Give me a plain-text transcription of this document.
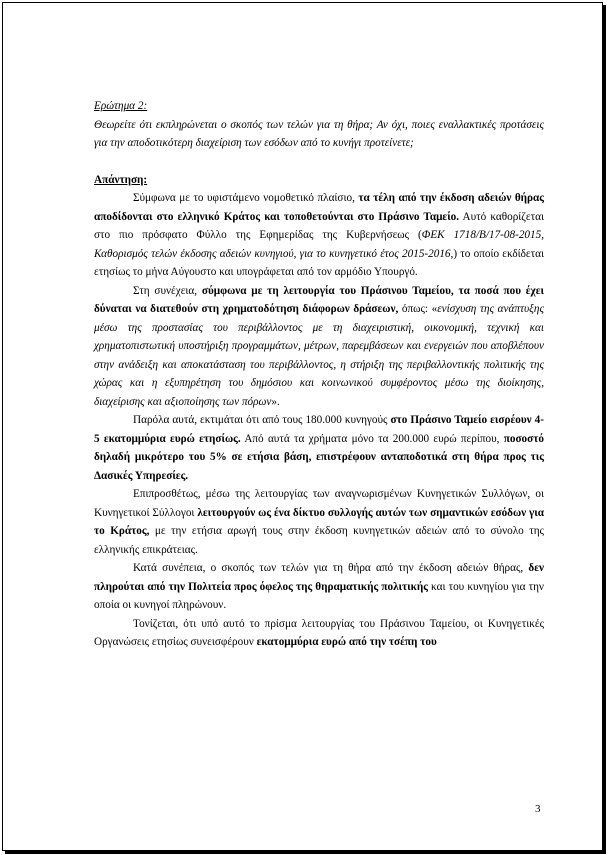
Ερώτημα 2:

Θεωρείτε ότι εκπληρώνεται ο σκοπός των τελών για τη θήρα; Αν όχι, ποιες εναλλακτικές προτάσεις για την αποδοτικότερη διαχείριση των εσόδων από το κυνήγι προτείνετε;

Απάντηση:

Σύμφωνα με το υφιστάμενο νομοθετικό πλαίσιο, τα τέλη από την έκδοση αδειών θήρας αποδίδονται στο ελληνικό Κράτος και τοποθετούνται στο Πράσινο Ταμείο. Αυτό καθορίζεται στο πιο πρόσφατο Φύλλο της Εφημερίδας της Κυβερνήσεως (ΦΕΚ 1718/Β/17-08-2015, Καθορισμός τελών έκδοσης αδειών κυνηγιού, για το κυνηγετικό έτος 2015-2016,) το οποίο εκδίδεται ετησίως το μήνα Αύγουστο και υπογράφεται από τον αρμόδιο Υπουργό.

Στη συνέχεια, σύμφωνα με τη λειτουργία του Πράσινου Ταμείου, τα ποσά που έχει δύναται να διατεθούν στη χρηματοδότηση διάφορων δράσεων, όπως: «ενίσχυση της ανάπτυξης μέσω της προστασίας του περιβάλλοντος με τη διαχειριστική, οικονομική, τεχνική και χρηματοπιστωτική υποστήριξη προγραμμάτων, μέτρων, παρεμβάσεων και ενεργειών που αποβλέπουν στην ανάδειξη και αποκατάσταση του περιβάλλοντος, η στήριξη της περιβαλλοντικής πολιτικής της χώρας και η εξυπηρέτηση του δημόσιου και κοινωνικού συμφέροντος μέσω της διοίκησης, διαχείρισης και αξιοποίησης των πόρων».

Παρόλα αυτά, εκτιμάται ότι από τους 180.000 κυνηγούς στο Πράσινο Ταμείο εισρέουν 4-5 εκατομμύρια ευρώ ετησίως. Από αυτά τα χρήματα μόνο τα 200.000 ευρώ περίπου, ποσοστό δηλαδή μικρότερο του 5% σε ετήσια βάση, επιστρέφουν ανταποδοτικά στη θήρα προς τις Δασικές Υπηρεσίες.

Επιπροσθέτως, μέσω της λειτουργίας των αναγνωρισμένων Κυνηγετικών Συλλόγων, οι Κυνηγετικοί Σύλλογοι λειτουργούν ως ένα δίκτυο συλλογής αυτών των σημαντικών εσόδων για το Κράτος, με την ετήσια αρωγή τους στην έκδοση κυνηγετικών αδειών από το σύνολο της ελληνικής επικράτειας.

Κατά συνέπεια, ο σκοπός των τελών για τη θήρα από την έκδοση αδειών θήρας, δεν πληρούται από την Πολιτεία προς όφελος της θηραματικής πολιτικής και του κυνηγίου για την οποία οι κυνηγοί πληρώνουν.

Τονίζεται, ότι υπό αυτό το πρίσμα λειτουργίας του Πράσινου Ταμείου, οι Κυνηγετικές Οργανώσεις ετησίως συνεισφέρουν εκατομμύρια ευρώ από την τσέπη του

3
